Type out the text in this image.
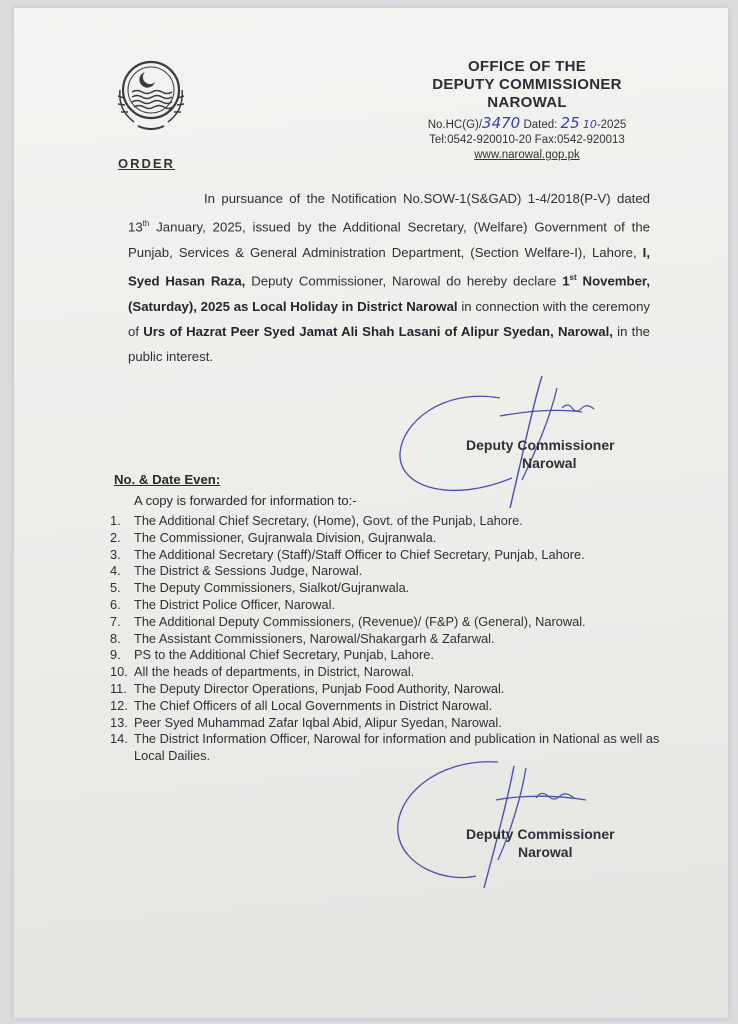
OFFICE OF THE
DEPUTY COMMISSIONER
NAROWAL
No.HC(G)/3470 Dated: 25 10-2025
Tel:0542-920010-20 Fax:0542-920013
www.narowal.gop.pk
ORDER

In pursuance of the Notification No.SOW-1(S&GAD) 1-4/2018(P-V) dated 13th January, 2025, issued by the Additional Secretary, (Welfare) Government of the Punjab, Services & General Administration Department, (Section Welfare-I), Lahore, I, Syed Hasan Raza, Deputy Commissioner, Narowal do hereby declare 1st November, (Saturday), 2025 as Local Holiday in District Narowal in connection with the ceremony of Urs of Hazrat Peer Syed Jamat Ali Shah Lasani of Alipur Syedan, Narowal, in the public interest.

Deputy Commissioner
Narowal
No. & Date Even:
A copy is forwarded for information to:-
1.	The Additional Chief Secretary, (Home), Govt. of the Punjab, Lahore.
2.	The Commissioner, Gujranwala Division, Gujranwala.
3.	The Additional Secretary (Staff)/Staff Officer to Chief Secretary, Punjab, Lahore.
4.	The District & Sessions Judge, Narowal.
5.	The Deputy Commissioners, Sialkot/Gujranwala.
6.	The District Police Officer, Narowal.
7.	The Additional Deputy Commissioners, (Revenue)/ (F&P) & (General), Narowal.
8.	The Assistant Commissioners, Narowal/Shakargarh & Zafarwal.
9.	PS to the Additional Chief Secretary, Punjab, Lahore.
10. All the heads of departments, in District, Narowal.
11. The Deputy Director Operations, Punjab Food Authority, Narowal.
12. The Chief Officers of all Local Governments in District Narowal.
13. Peer Syed Muhammad Zafar Iqbal Abid, Alipur Syedan, Narowal.
14. The District Information Officer, Narowal for information and publication in National as well as Local Dailies.
Deputy Commissioner
Narowal
